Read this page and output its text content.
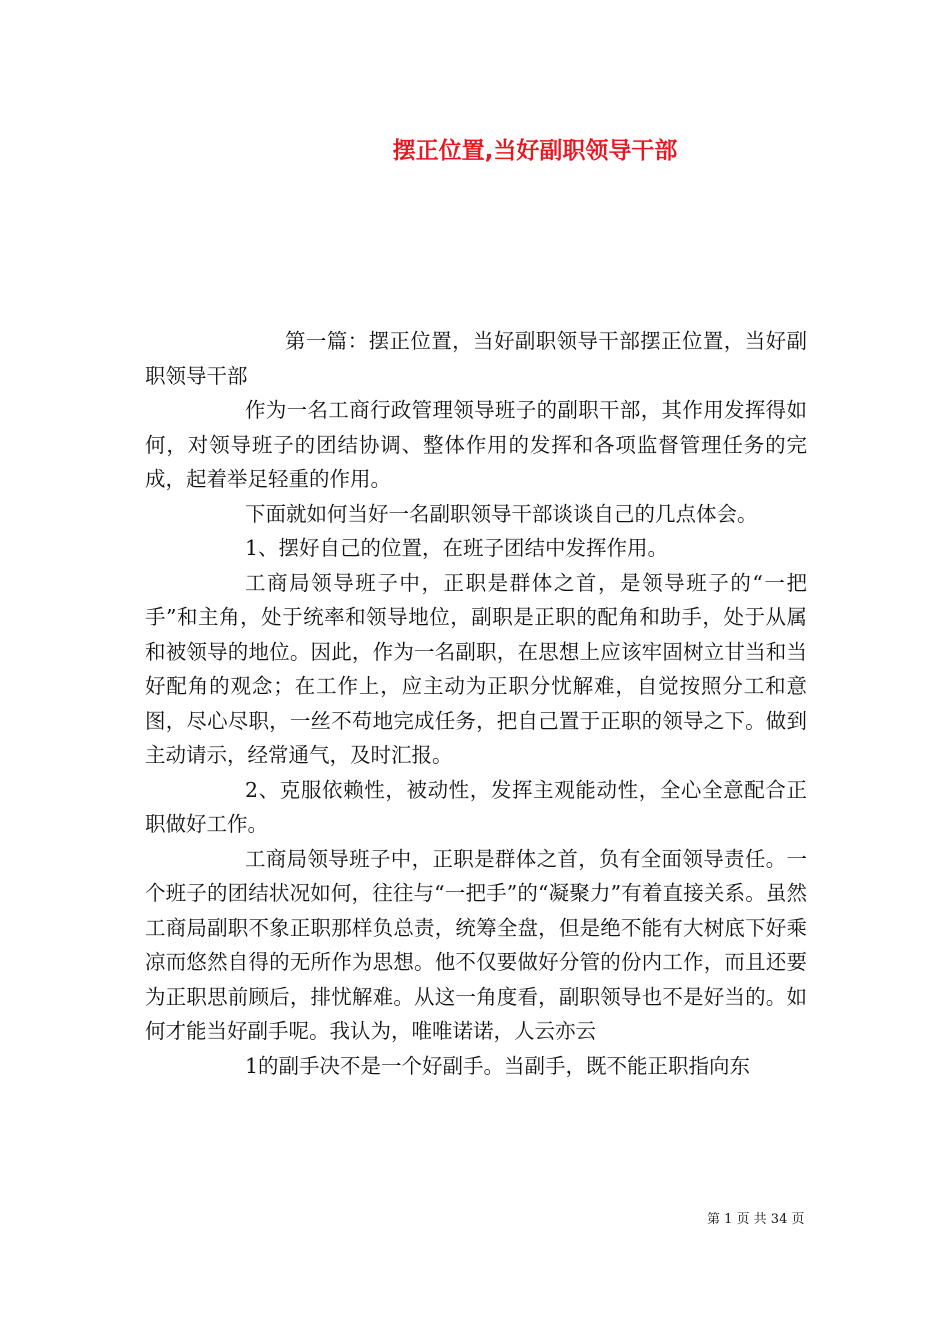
摆正位置,当好副职领导干部

第一篇：摆正位置，当好副职领导干部摆正位置，当好副职领导干部

作为一名工商行政管理领导班子的副职干部，其作用发挥得如何，对领导班子的团结协调、整体作用的发挥和各项监督管理任务的完成，起着举足轻重的作用。

下面就如何当好一名副职领导干部谈谈自己的几点体会。

1、摆好自己的位置，在班子团结中发挥作用。

工商局领导班子中，正职是群体之首，是领导班子的“一把手”和主角，处于统率和领导地位，副职是正职的配角和助手，处于从属和被领导的地位。因此，作为一名副职，在思想上应该牢固树立甘当和当好配角的观念；在工作上，应主动为正职分忧解难，自觉按照分工和意图，尽心尽职，一丝不苟地完成任务，把自己置于正职的领导之下。做到主动请示，经常通气，及时汇报。

2、克服依赖性，被动性，发挥主观能动性，全心全意配合正职做好工作。

工商局领导班子中，正职是群体之首，负有全面领导责任。一个班子的团结状况如何，往往与“一把手”的“凝聚力”有着直接关系。虽然工商局副职不象正职那样负总责，统筹全盘，但是绝不能有大树底下好乘凉而悠然自得的无所作为思想。他不仅要做好分管的份内工作，而且还要为正职思前顾后，排忧解难。从这一角度看，副职领导也不是好当的。如何才能当好副手呢。我认为，唯唯诺诺，人云亦云

1的副手决不是一个好副手。当副手，既不能正职指向东

第 1 页 共 34 页
